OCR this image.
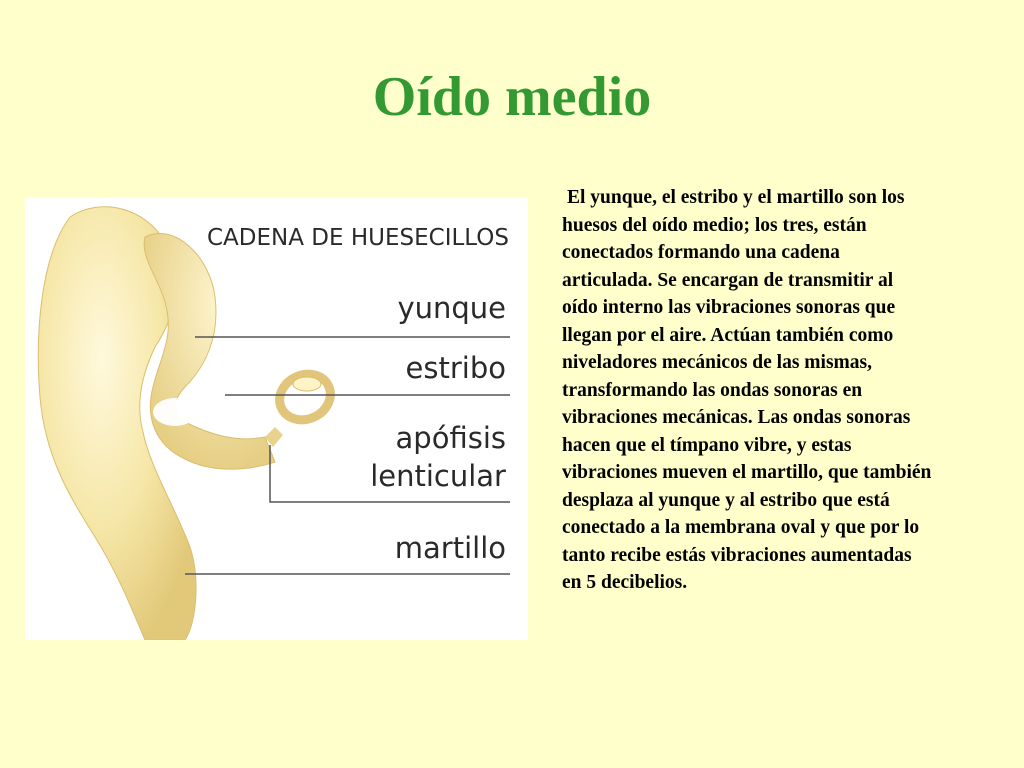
Oído medio
CADENA DE HUESECILLOS
yunque
estribo
apófisis
lenticular
martillo

El yunque, el estribo y el martillo son los huesos del oído medio; los tres, están conectados formando una cadena articulada. Se encargan de transmitir al oído interno las vibraciones sonoras que llegan por el aire. Actúan también como niveladores mecánicos de las mismas, transformando las ondas sonoras en vibraciones mecánicas. Las ondas sonoras hacen que el tímpano vibre, y estas vibraciones mueven el martillo, que también desplaza al yunque y al estribo que está conectado a la membrana oval y que por lo tanto recibe estás vibraciones aumentadas en 5 decibelios.
